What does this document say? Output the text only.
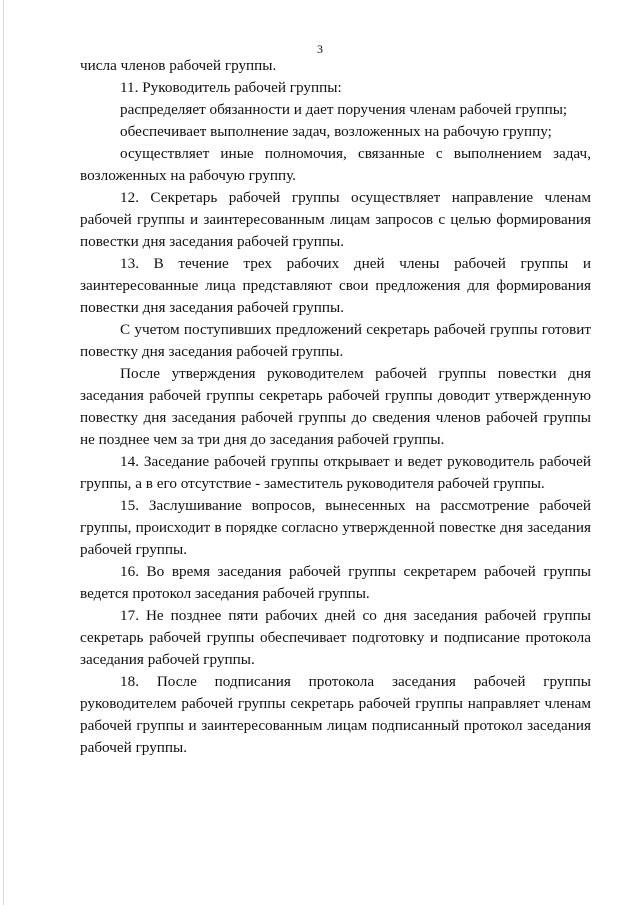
3

числа членов рабочей группы.

11. Руководитель рабочей группы:

распределяет обязанности и дает поручения членам рабочей группы;

обеспечивает выполнение задач, возложенных на рабочую группу;

осуществляет иные полномочия, связанные с выполнением задач, возложенных на рабочую группу.

12. Секретарь рабочей группы осуществляет направление членам рабочей группы и заинтересованным лицам запросов с целью формирования повестки дня заседания рабочей группы.

13. В течение трех рабочих дней члены рабочей группы и заинтересованные лица представляют свои предложения для формирования повестки дня заседания рабочей группы.

С учетом поступивших предложений секретарь рабочей группы готовит повестку дня заседания рабочей группы.

После утверждения руководителем рабочей группы повестки дня заседания рабочей группы секретарь рабочей группы доводит утвержденную повестку дня заседания рабочей группы до сведения членов рабочей группы не позднее чем за три дня до заседания рабочей группы.

14. Заседание рабочей группы открывает и ведет руководитель рабочей группы, а в его отсутствие - заместитель руководителя рабочей группы.

15. Заслушивание вопросов, вынесенных на рассмотрение рабочей группы, происходит в порядке согласно утвержденной повестке дня заседания рабочей группы.

16. Во время заседания рабочей группы секретарем рабочей группы ведется протокол заседания рабочей группы.

17. Не позднее пяти рабочих дней со дня заседания рабочей группы секретарь рабочей группы обеспечивает подготовку и подписание протокола заседания рабочей группы.

18. После подписания протокола заседания рабочей группы руководителем рабочей группы секретарь рабочей группы направляет членам рабочей группы и заинтересованным лицам подписанный протокол заседания рабочей группы.
